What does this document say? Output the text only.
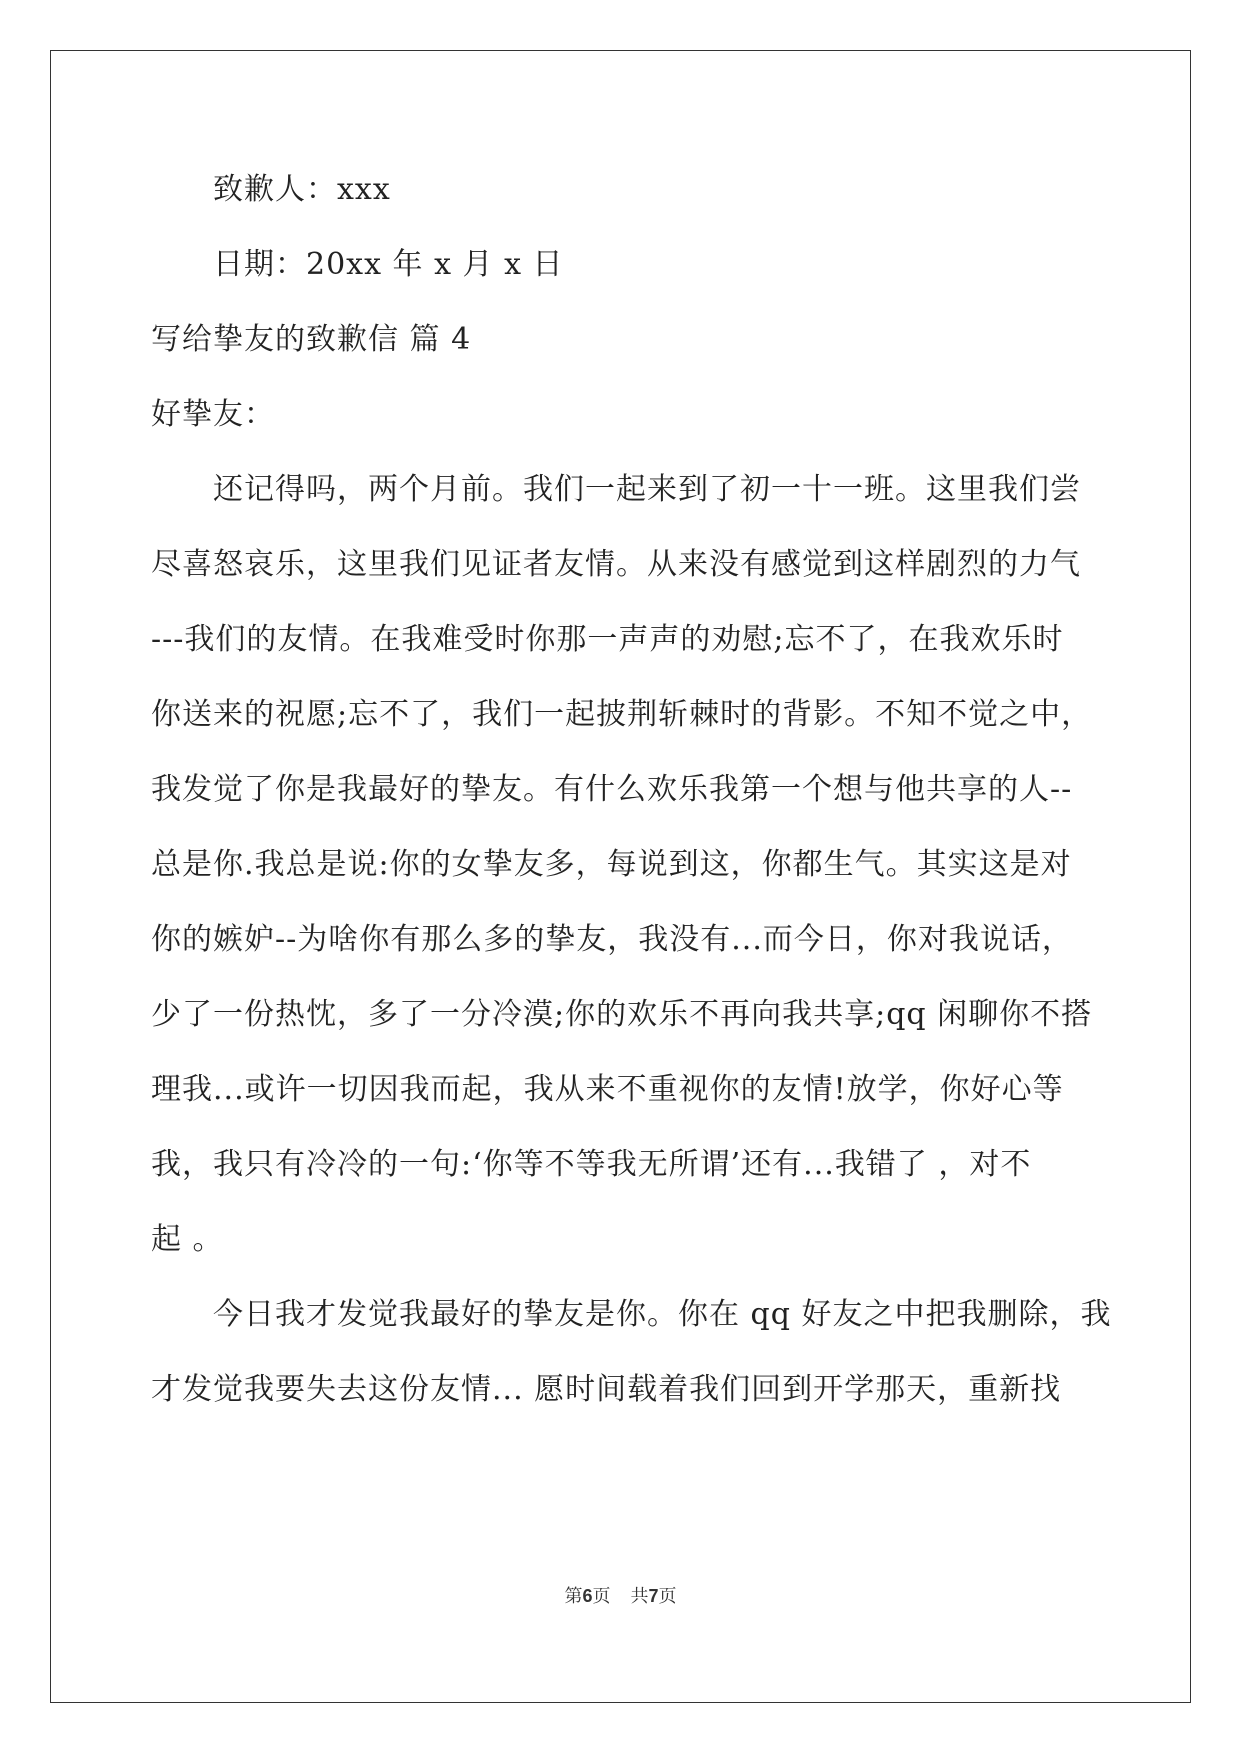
致歉人：xxx
日期：20xx 年 x 月 x 日
写给挚友的致歉信 篇 4
好挚友：
还记得吗，两个月前。我们一起来到了初一十一班。这里我们尝
尽喜怒哀乐，这里我们见证者友情。从来没有感觉到这样剧烈的力气
---我们的友情。在我难受时你那一声声的劝慰;忘不了，在我欢乐时
你送来的祝愿;忘不了，我们一起披荆斩棘时的背影。不知不觉之中，
我发觉了你是我最好的挚友。有什么欢乐我第一个想与他共享的人--
总是你.我总是说:你的女挚友多，每说到这，你都生气。其实这是对
你的嫉妒--为啥你有那么多的挚友，我没有...而今日，你对我说话，
少了一份热忱，多了一分冷漠;你的欢乐不再向我共享;qq 闲聊你不搭
理我...或许一切因我而起，我从来不重视你的友情!放学，你好心等
我，我只有冷冷的一句:‘你等不等我无所谓’还有...我错了 ，对不
起 。
今日我才发觉我最好的挚友是你。你在 qq 好友之中把我删除，我
才发觉我要失去这份友情... 愿时间载着我们回到开学那天，重新找
第6页 共7页
